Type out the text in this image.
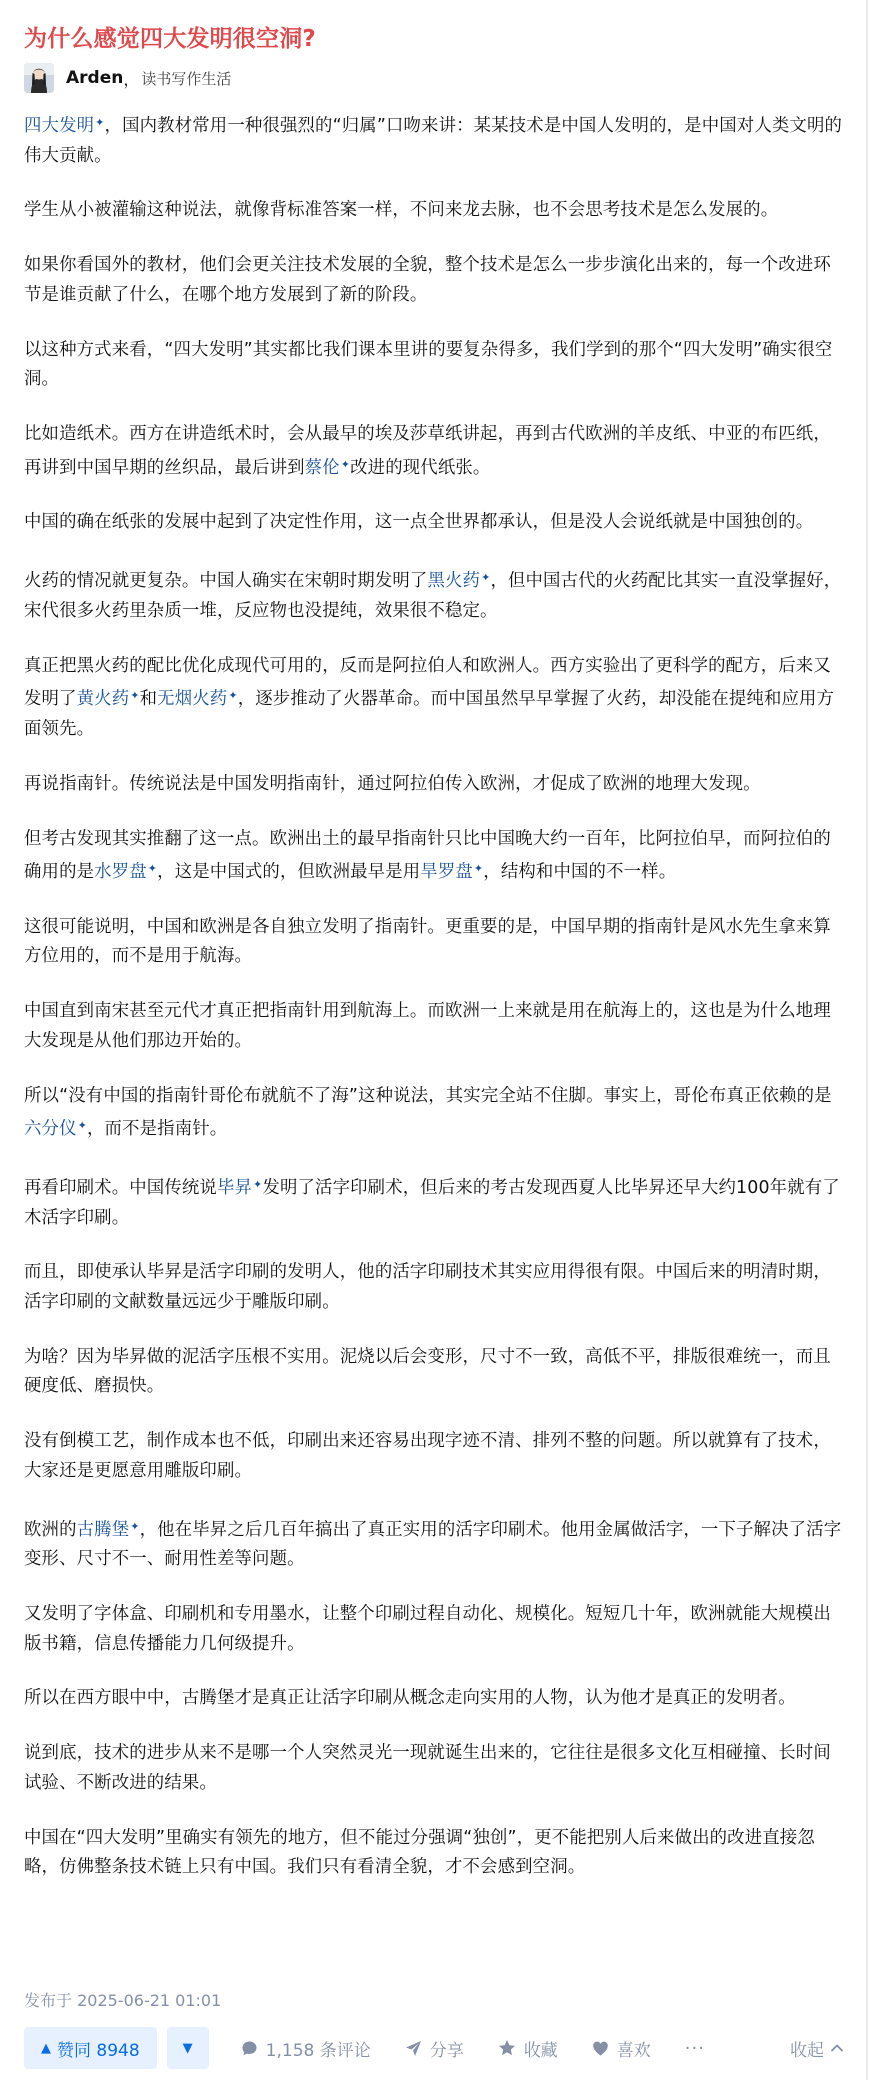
为什么感觉四大发明很空洞?
Arden ， 读书写作生活

四大发明✦，国内教材常用一种很强烈的“归属”口吻来讲：某某技术是中国人发明的，是中国对人类文明的伟大贡献。

学生从小被灌输这种说法，就像背标准答案一样，不问来龙去脉，也不会思考技术是怎么发展的。

如果你看国外的教材，他们会更关注技术发展的全貌，整个技术是怎么一步步演化出来的，每一个改进环节是谁贡献了什么，在哪个地方发展到了新的阶段。

以这种方式来看，“四大发明”其实都比我们课本里讲的要复杂得多，我们学到的那个“四大发明”确实很空洞。

比如造纸术。西方在讲造纸术时，会从最早的埃及莎草纸讲起，再到古代欧洲的羊皮纸、中亚的布匹纸，再讲到中国早期的丝织品，最后讲到蔡伦✦改进的现代纸张。

中国的确在纸张的发展中起到了决定性作用，这一点全世界都承认，但是没人会说纸就是中国独创的。

火药的情况就更复杂。中国人确实在宋朝时期发明了黑火药✦，但中国古代的火药配比其实一直没掌握好，宋代很多火药里杂质一堆，反应物也没提纯，效果很不稳定。

真正把黑火药的配比优化成现代可用的，反而是阿拉伯人和欧洲人。西方实验出了更科学的配方，后来又发明了黄火药✦和无烟火药✦，逐步推动了火器革命。而中国虽然早早掌握了火药，却没能在提纯和应用方面领先。

再说指南针。传统说法是中国发明指南针，通过阿拉伯传入欧洲，才促成了欧洲的地理大发现。

但考古发现其实推翻了这一点。欧洲出土的最早指南针只比中国晚大约一百年，比阿拉伯早，而阿拉伯的确用的是水罗盘✦，这是中国式的，但欧洲最早是用旱罗盘✦，结构和中国的不一样。

这很可能说明，中国和欧洲是各自独立发明了指南针。更重要的是，中国早期的指南针是风水先生拿来算方位用的，而不是用于航海。

中国直到南宋甚至元代才真正把指南针用到航海上。而欧洲一上来就是用在航海上的，这也是为什么地理大发现是从他们那边开始的。

所以“没有中国的指南针哥伦布就航不了海”这种说法，其实完全站不住脚。事实上，哥伦布真正依赖的是六分仪✦，而不是指南针。

再看印刷术。中国传统说毕昇✦发明了活字印刷术，但后来的考古发现西夏人比毕昇还早大约100年就有了木活字印刷。

而且，即使承认毕昇是活字印刷的发明人，他的活字印刷技术其实应用得很有限。中国后来的明清时期，活字印刷的文献数量远远少于雕版印刷。

为啥？因为毕昇做的泥活字压根不实用。泥烧以后会变形，尺寸不一致，高低不平，排版很难统一，而且硬度低、磨损快。

没有倒模工艺，制作成本也不低，印刷出来还容易出现字迹不清、排列不整的问题。所以就算有了技术，大家还是更愿意用雕版印刷。

欧洲的古腾堡✦，他在毕昇之后几百年搞出了真正实用的活字印刷术。他用金属做活字，一下子解决了活字变形、尺寸不一、耐用性差等问题。

又发明了字体盒、印刷机和专用墨水，让整个印刷过程自动化、规模化。短短几十年，欧洲就能大规模出版书籍，信息传播能力几何级提升。

所以在西方眼中中，古腾堡才是真正让活字印刷从概念走向实用的人物，认为他才是真正的发明者。

说到底，技术的进步从来不是哪一个人突然灵光一现就诞生出来的，它往往是很多文化互相碰撞、长时间试验、不断改进的结果。

中国在“四大发明”里确实有领先的地方，但不能过分强调“独创”，更不能把别人后来做出的改进直接忽略，仿佛整条技术链上只有中国。我们只有看清全貌，才不会感到空洞。

发布于 2025-06-21 01:01
▲ 赞同 8948	▼	1,158 条评论	分享	收藏	喜欢 ···	收起
